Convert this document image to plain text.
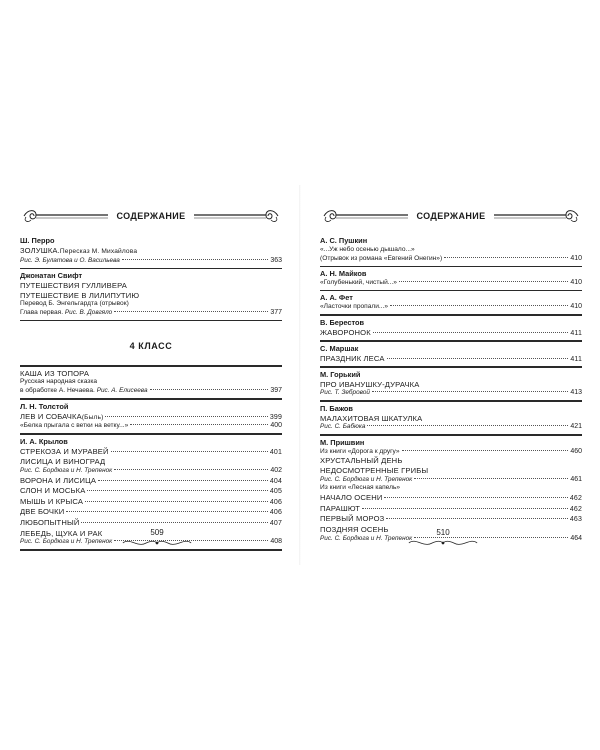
СОДЕРЖАНИЕ
Ш. Перро
ЗОЛУШКА. Пересказ М. Михайлова
Рис. Э. Булатова и О. Васильева	363
Джонатан Свифт
ПУТЕШЕСТВИЯ ГУЛЛИВЕРА
ПУТЕШЕСТВИЕ В ЛИЛИПУТИЮ
Перевод Б. Энгельгардта (отрывок)
Глава первая.
Рис. В. Довгяло	377
4 КЛАСС
КАША ИЗ ТОПОРА
Русская народная сказка
в обработке А. Нечаева.
Рис. А. Елисеева	397
Л. Н. Толстой
ЛЕВ И СОБАЧКА (Быль)	399
«Белка прыгала с ветки на ветку...»	400
И. А. Крылов
СТРЕКОЗА И МУРАВЕЙ	401
ЛИСИЦА И ВИНОГРАД
Рис. С. Бордюга и Н. Трепенок	402
ВОРОНА И ЛИСИЦА	404
СЛОН И МОСЬКА	405
МЫШЬ И КРЫСА	406
ДВЕ БОЧКИ	406
ЛЮБОПЫТНЫЙ	407
ЛЕБЕДЬ, ЩУКА И РАК
Рис. С. Бордюга и Н. Трепенок	408
509
СОДЕРЖАНИЕ
А. С. Пушкин
«...Уж небо осенью дышало...»
(Отрывок из романа «Евгений Онегин»)	410
А. Н. Майков
«Голубенький, чистый...»	410
А. А. Фет
«Ласточки пропали...»	410
В. Берестов
ЖАВОРОНОК	411
С. Маршак
ПРАЗДНИК ЛЕСА	411
М. Горький
ПРО ИВАНУШКУ-ДУРАЧКА
Рис. Т. Зебровой	413
П. Бажов
МАЛАХИТОВАЯ ШКАТУЛКА
Рис. С. Бабюка	421
М. Пришвин
Из книги «Дорога к другу»	460
ХРУСТАЛЬНЫЙ ДЕНЬ
НЕДОСМОТРЕННЫЕ ГРИБЫ
Рис. С. Бордюга и Н. Трепенок	461
Из книги «Лесная капель»
НАЧАЛО ОСЕНИ	462
ПАРАШЮТ	462
ПЕРВЫЙ МОРОЗ	463
ПОЗДНЯЯ ОСЕНЬ
Рис. С. Бордюга и Н. Трепенок	464
510
